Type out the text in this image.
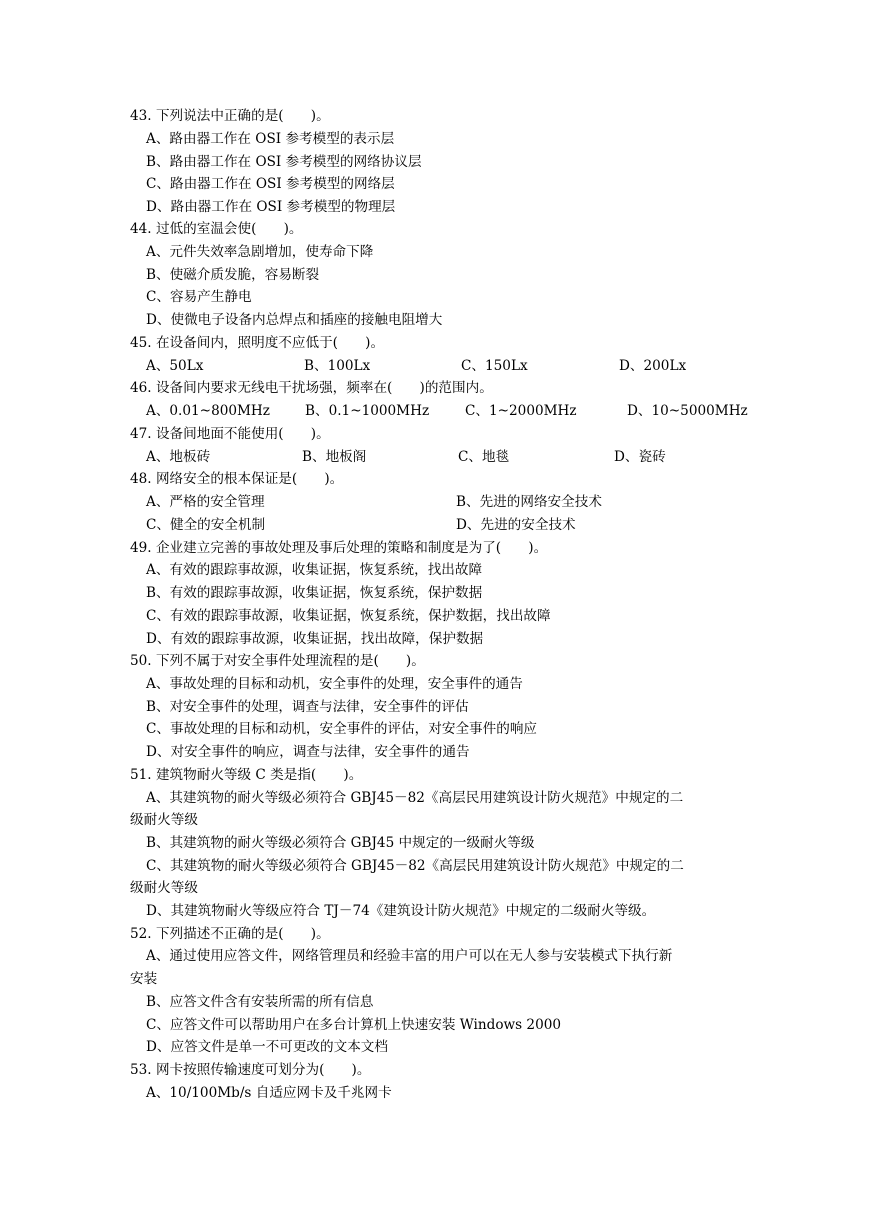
43. 下列说法中正确的是(　　)。
A、路由器工作在 OSI 参考模型的表示层
B、路由器工作在 OSI 参考模型的网络协议层
C、路由器工作在 OSI 参考模型的网络层
D、路由器工作在 OSI 参考模型的物理层
44. 过低的室温会使(　　)。
A、元件失效率急剧增加，使寿命下降
B、使磁介质发脆，容易断裂
C、容易产生静电
D、使微电子设备内总焊点和插座的接触电阻增大
45. 在设备间内，照明度不应低于(　　)。
A、50Lx	B、100Lx	C、150Lx	D、200Lx
46. 设备间内要求无线电干扰场强，频率在(　　)的范围内。
A、0.01~800MHz	B、0.1~1000MHz	C、1~2000MHz	D、10~5000MHz
47. 设备间地面不能使用(　　)。
A、地板砖	B、地板阁	C、地毯	D、瓷砖
48. 网络安全的根本保证是(　　)。
A、严格的安全管理	B、先进的网络安全技术
C、健全的安全机制	D、先进的安全技术
49. 企业建立完善的事故处理及事后处理的策略和制度是为了(　　)。
A、有效的跟踪事故源，收集证据，恢复系统，找出故障
B、有效的跟踪事故源，收集证据，恢复系统，保护数据
C、有效的跟踪事故源，收集证据，恢复系统，保护数据，找出故障
D、有效的跟踪事故源，收集证据，找出故障，保护数据
50. 下列不属于对安全事件处理流程的是(　　)。
A、事故处理的目标和动机，安全事件的处理，安全事件的通告
B、对安全事件的处理，调查与法律，安全事件的评估
C、事故处理的目标和动机，安全事件的评估，对安全事件的响应
D、对安全事件的响应，调查与法律，安全事件的通告
51. 建筑物耐火等级 C 类是指(　　)。
A、其建筑物的耐火等级必须符合 GBJ45－82《高层民用建筑设计防火规范》中规定的二
级耐火等级
B、其建筑物的耐火等级必须符合 GBJ45 中规定的一级耐火等级
C、其建筑物的耐火等级必须符合 GBJ45－82《高层民用建筑设计防火规范》中规定的二
级耐火等级
D、其建筑物耐火等级应符合 TJ－74《建筑设计防火规范》中规定的二级耐火等级。
52. 下列描述不正确的是(　　)。
A、通过使用应答文件，网络管理员和经验丰富的用户可以在无人参与安装模式下执行新
安装
B、应答文件含有安装所需的所有信息
C、应答文件可以帮助用户在多台计算机上快速安装 Windows 2000
D、应答文件是单一不可更改的文本文档
53. 网卡按照传输速度可划分为(　　)。
A、10/100Mb/s 自适应网卡及千兆网卡
